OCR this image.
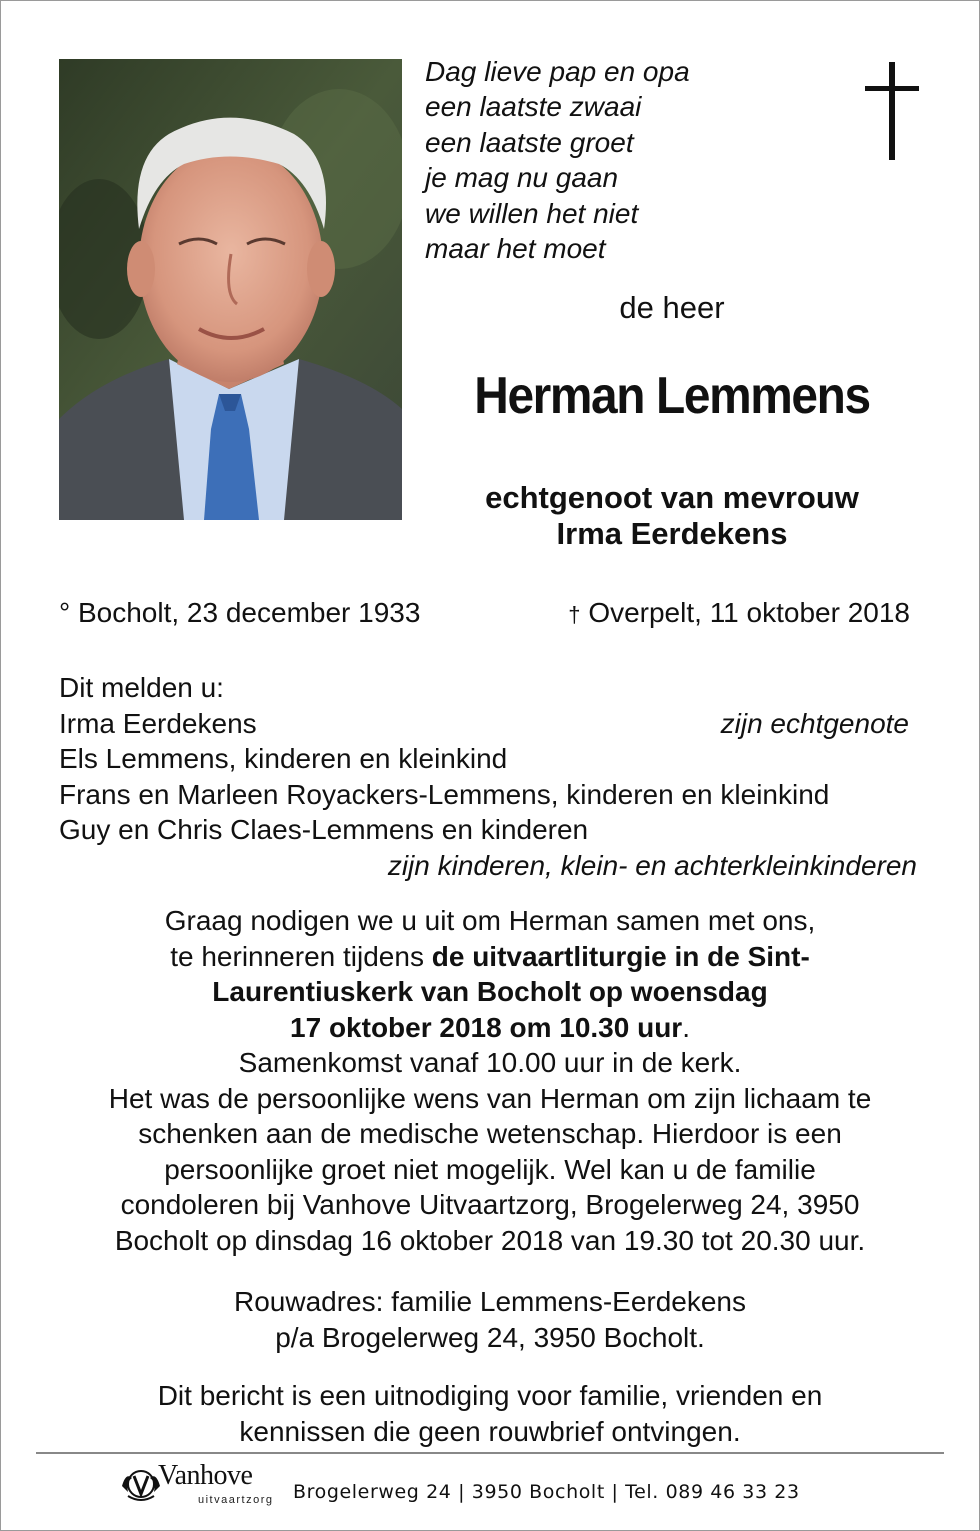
Dag lieve pap en opa
een laatste zwaai
een laatste groet
je mag nu gaan
we willen het niet
maar het moet
de heer
Herman Lemmens
echtgenoot van mevrouw
Irma Eerdekens
° Bocholt, 23 december 1933	† Overpelt, 11 oktober 2018
Dit melden u:
Irma Eerdekens	zijn echtgenote
Els Lemmens, kinderen en kleinkind
Frans en Marleen Royackers-Lemmens, kinderen en kleinkind
Guy en Chris Claes-Lemmens en kinderen
zijn kinderen, klein- en achterkleinkinderen

Graag nodigen we u uit om Herman samen met ons,

te herinneren tijdens de uitvaartliturgie in de Sint-

Laurentiuskerk van Bocholt op woensdag

17 oktober 2018 om 10.30 uur.

Samenkomst vanaf 10.00 uur in de kerk.

Het was de persoonlijke wens van Herman om zijn lichaam te

schenken aan de medische wetenschap. Hierdoor is een

persoonlijke groet niet mogelijk. Wel kan u de familie

condoleren bij Vanhove Uitvaartzorg, Brogelerweg 24, 3950

Bocholt op dinsdag 16 oktober 2018 van 19.30 tot 20.30 uur.

Rouwadres: familie Lemmens-Eerdekens
p/a Brogelerweg 24, 3950 Bocholt.
Dit bericht is een uitnodiging voor familie, vrienden en
kennissen die geen rouwbrief ontvingen.
Vanhove
uitvaartzorg Brogelerweg 24 | 3950 Bocholt | Tel. 089 46 33 23
